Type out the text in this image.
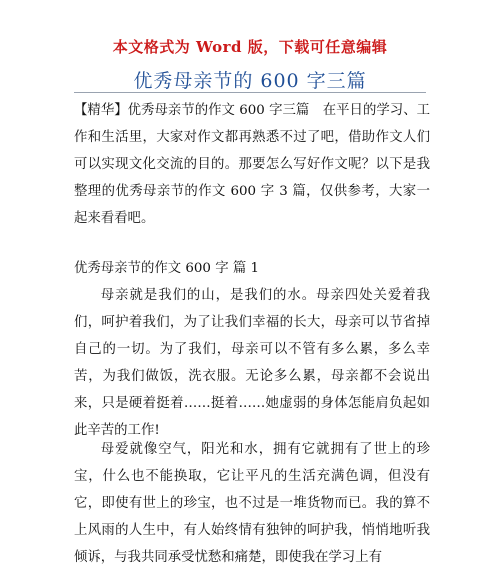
本文格式为 Word 版，下载可任意编辑
优秀母亲节的 600 字三篇

【精华】优秀母亲节的作文 600 字三篇　在平日的学习、工作和生活里，大家对作文都再熟悉不过了吧，借助作文人们可以实现文化交流的目的。那要怎么写好作文呢？以下是我整理的优秀母亲节的作文 600 字 3 篇，仅供参考，大家一起来看看吧。

优秀母亲节的作文 600 字 篇 1

母亲就是我们的山，是我们的水。母亲四处关爱着我们，呵护着我们，为了让我们幸福的长大，母亲可以节省掉自己的一切。为了我们，母亲可以不管有多么累，多么幸苦，为我们做饭，洗衣服。无论多么累，母亲都不会说出来，只是硬着挺着……挺着……她虚弱的身体怎能肩负起如此辛苦的工作!

母爱就像空气，阳光和水，拥有它就拥有了世上的珍宝，什么也不能换取，它让平凡的生活充满色调，但没有它，即使有世上的珍宝，也不过是一堆货物而已。我的算不上风雨的人生中，有人始终情有独钟的呵护我，悄悄地听我倾诉，与我共同承受忧愁和痛楚，即使我在学习上有
